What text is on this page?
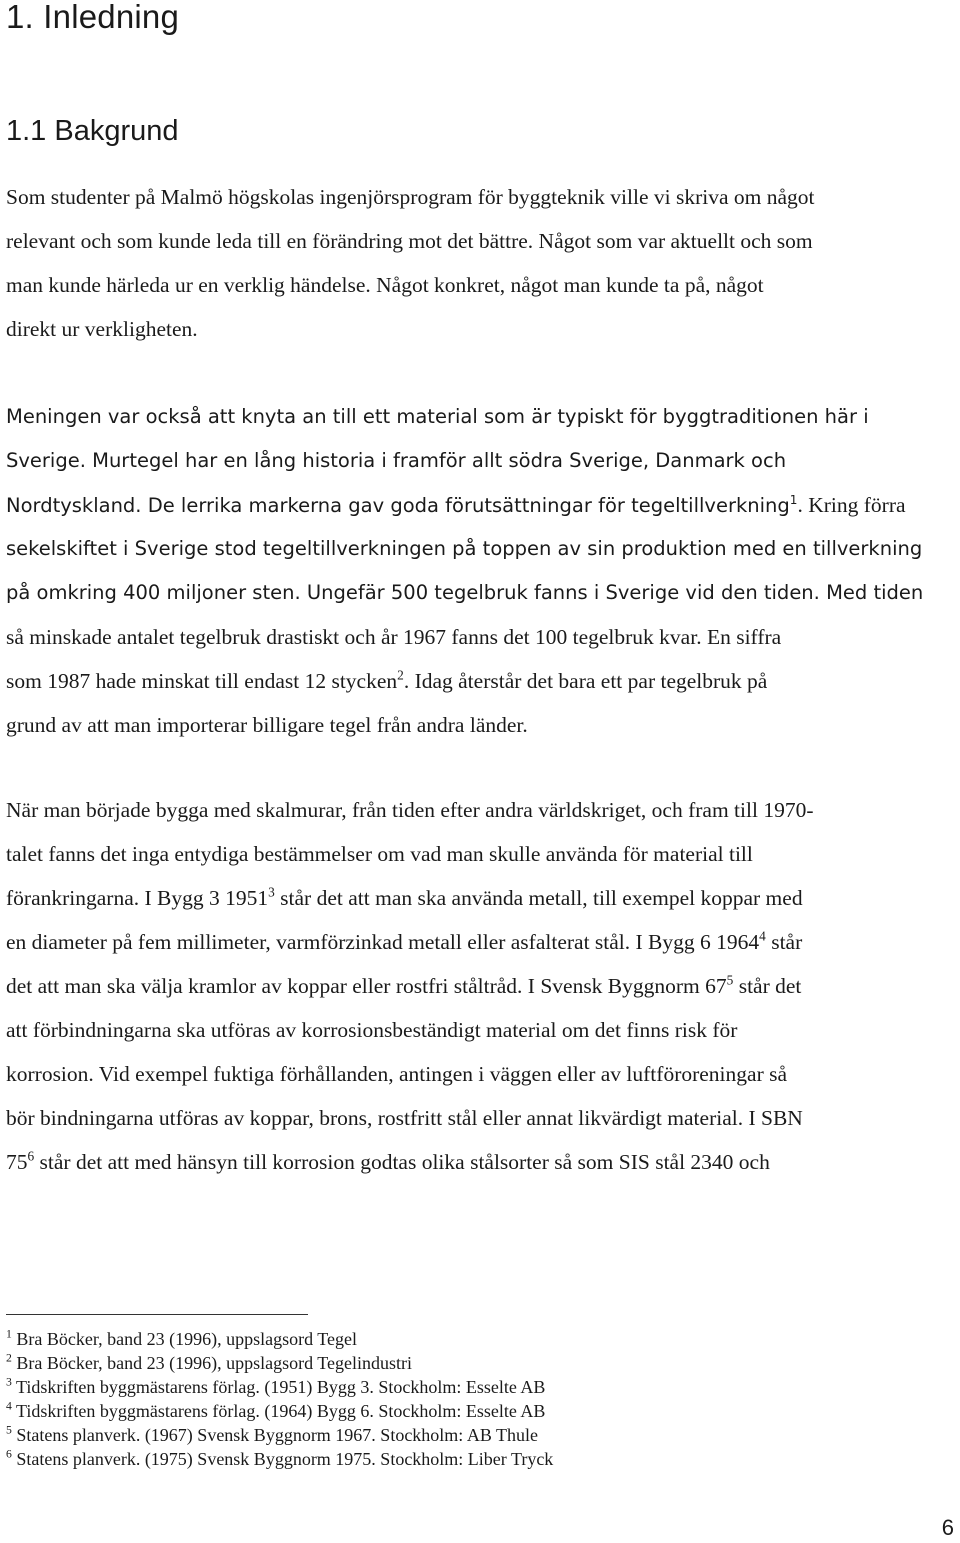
1. Inledning
1.1 Bakgrund
Som studenter på Malmö högskolas ingenjörsprogram för byggteknik ville vi skriva om något
relevant och som kunde leda till en förändring mot det bättre. Något som var aktuellt och som
man kunde härleda ur en verklig händelse. Något konkret, något man kunde ta på, något
direkt ur verkligheten.
Meningen var också att knyta an till ett material som är typiskt för byggtraditionen här i
Sverige. Murtegel har en lång historia i framför allt södra Sverige, Danmark och
Nordtyskland. De lerrika markerna gav goda förutsättningar för tegeltillverkning$^1$. Kring förra
sekelskiftet i Sverige stod tegeltillverkningen på toppen av sin produktion med en tillverkning
på omkring 400 miljoner sten. Ungefär 500 tegelbruk fanns i Sverige vid den tiden. Med tiden
så minskade antalet tegelbruk drastiskt och år 1967 fanns det 100 tegelbruk kvar. En siffra
som 1987 hade minskat till endast 12 stycken$^2$. Idag återstår det bara ett par tegelbruk på
grund av att man importerar billigare tegel från andra länder.
När man började bygga med skalmurar, från tiden efter andra världskriget, och fram till 1970-
talet fanns det inga entydiga bestämmelser om vad man skulle använda för material till
förankringarna. I Bygg 3 1951$^3$ står det att man ska använda metall, till exempel koppar med
en diameter på fem millimeter, varmförzinkad metall eller asfalterat stål. I Bygg 6 1964$^4$ står
det att man ska välja kramlor av koppar eller rostfri ståltråd. I Svensk Byggnorm $67^5$ står det
att förbindningarna ska utföras av korrosionsbeständigt material om det finns risk för
korrosion. Vid exempel fuktiga förhållanden, antingen i väggen eller av luftföroreningar så
bör bindningarna utföras av koppar, brons, rostfritt stål eller annat likvärdigt material. I SBN
$75^6$ står det att med hänsyn till korrosion godtas olika stålsorter så som SIS stål 2340 och
$^1$ Bra Böcker, band 23 (1996), uppslagsord Tegel
$^2$ Bra Böcker, band 23 (1996), uppslagsord Tegelindustri
$^3$ Tidskriften byggmästarens förlag. (1951) Bygg 3. Stockholm: Esselte AB
$^4$ Tidskriften byggmästarens förlag. (1964) Bygg 6. Stockholm: Esselte AB
$^5$ Statens planverk. (1967) Svensk Byggnorm 1967. Stockholm: AB Thule
$^6$ Statens planverk. (1975) Svensk Byggnorm 1975. Stockholm: Liber Tryck
6
